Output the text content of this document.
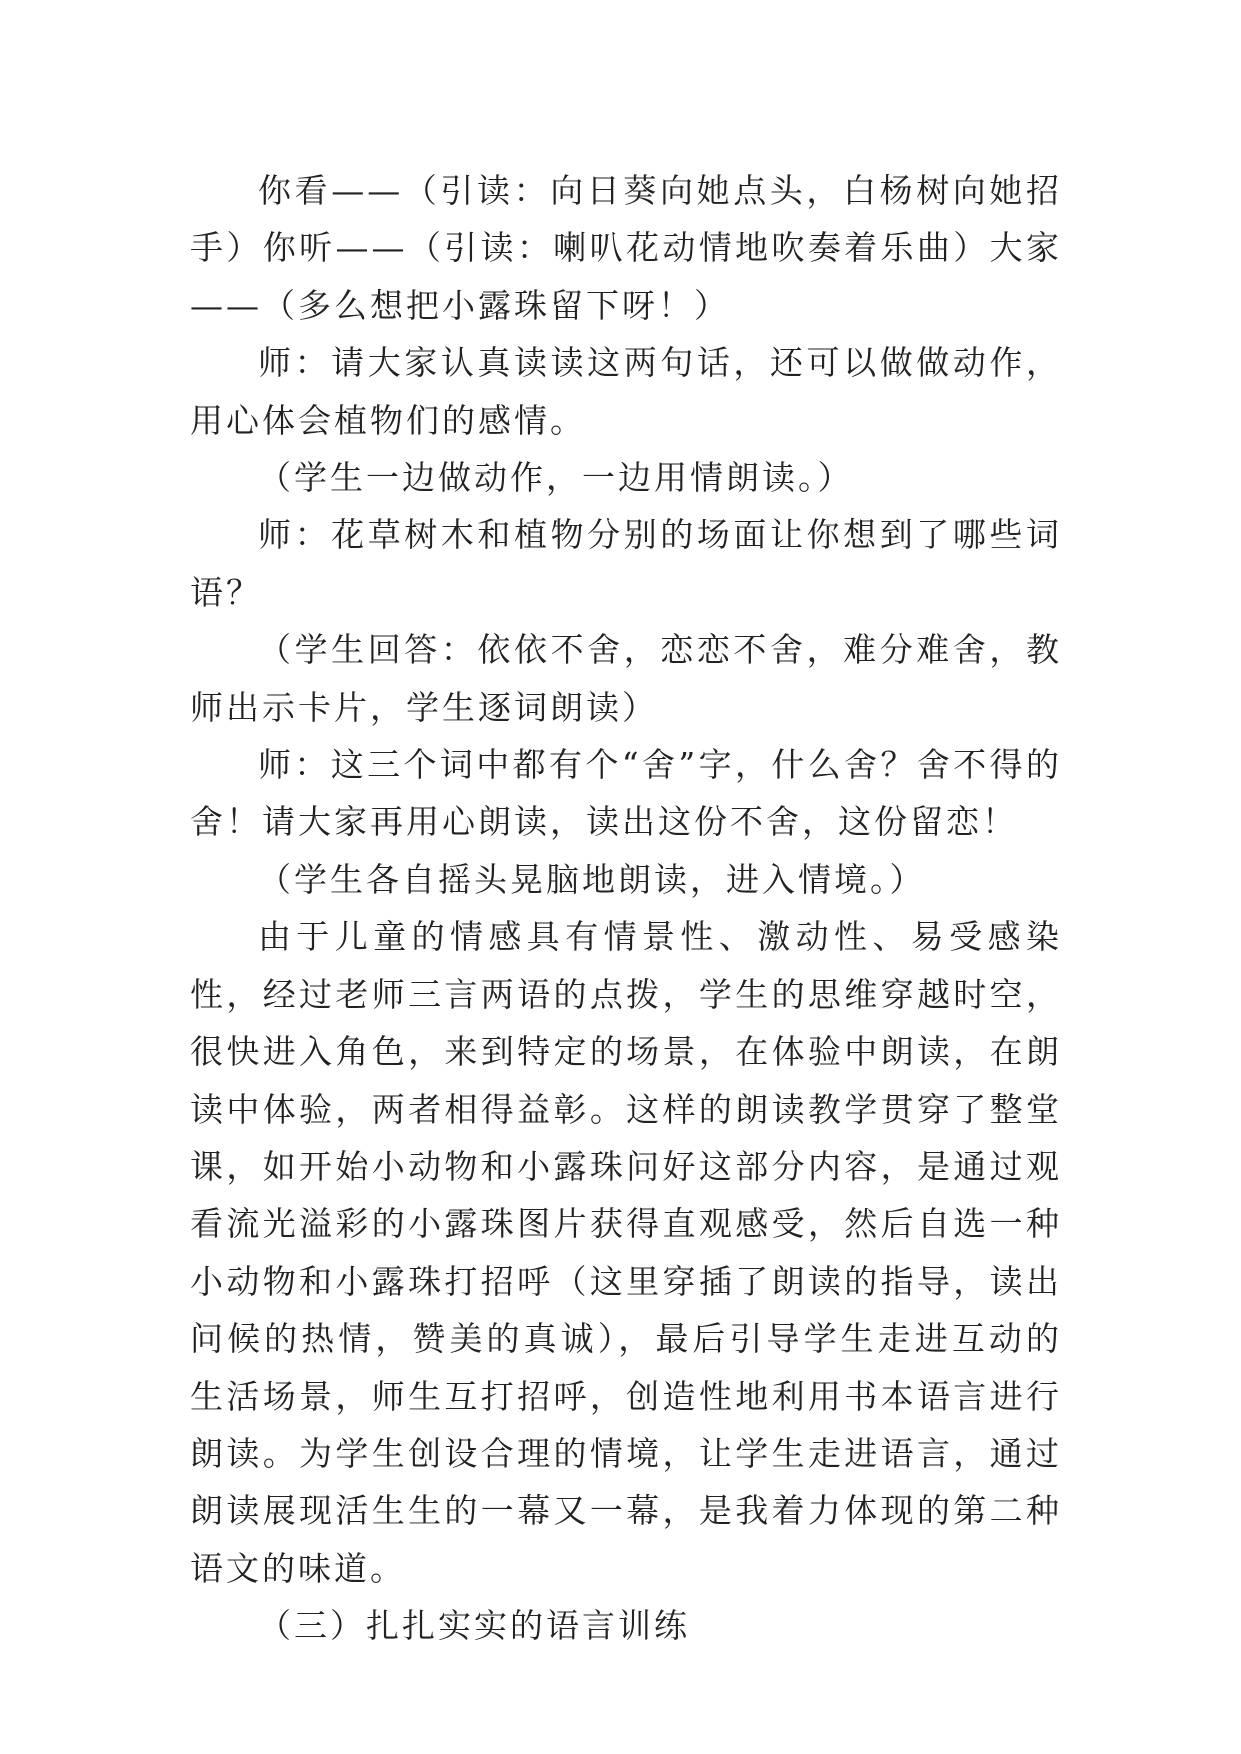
你看——（引读：向日葵向她点头，白杨树向她招手）你听——（引读：喇叭花动情地吹奏着乐曲）大家——（多么想把小露珠留下呀！）

师：请大家认真读读这两句话，还可以做做动作，用心体会植物们的感情。

（学生一边做动作，一边用情朗读。）

师：花草树木和植物分别的场面让你想到了哪些词语？

（学生回答：依依不舍，恋恋不舍，难分难舍，教师出示卡片，学生逐词朗读）

师：这三个词中都有个“舍”字，什么舍？舍不得的舍！请大家再用心朗读，读出这份不舍，这份留恋！

（学生各自摇头晃脑地朗读，进入情境。）

由于儿童的情感具有情景性、激动性、易受感染性，经过老师三言两语的点拨，学生的思维穿越时空，很快进入角色，来到特定的场景，在体验中朗读，在朗读中体验，两者相得益彰。这样的朗读教学贯穿了整堂课，如开始小动物和小露珠问好这部分内容，是通过观看流光溢彩的小露珠图片获得直观感受，然后自选一种小动物和小露珠打招呼（这里穿插了朗读的指导，读出问候的热情，赞美的真诚），最后引导学生走进互动的生活场景，师生互打招呼，创造性地利用书本语言进行朗读。为学生创设合理的情境，让学生走进语言，通过朗读展现活生生的一幕又一幕，是我着力体现的第二种语文的味道。

（三）扎扎实实的语言训练
